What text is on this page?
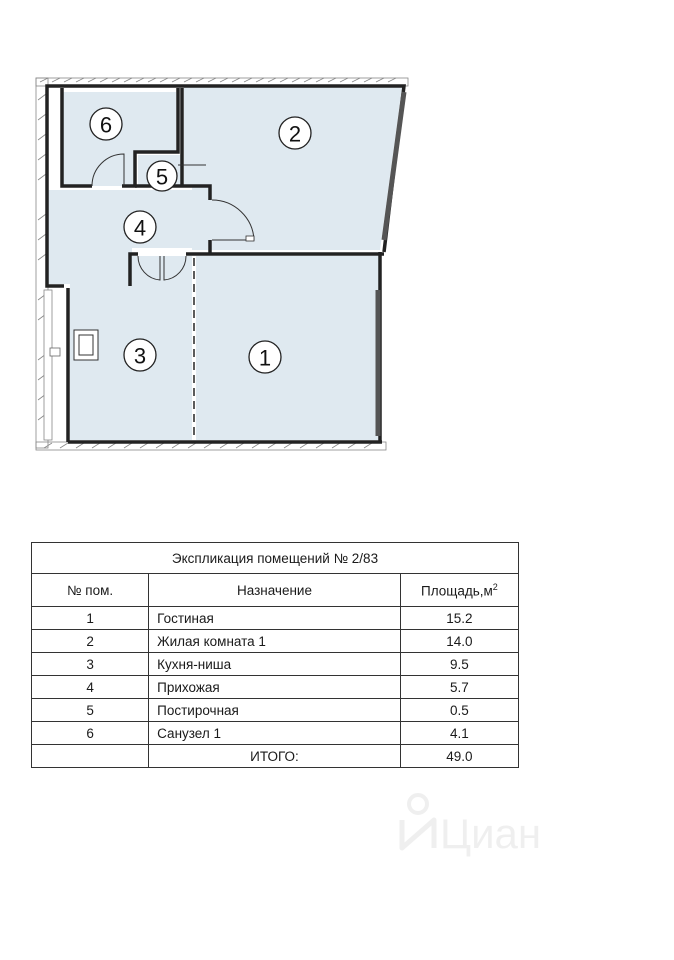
6	2
5
4
3	1
Экспликация помещений № 2/83		
№ пом.	Назначение	$Площадь,м^2$
1	Гостиная	15.2
2	Жилая комната 1	14.0
3	Кухня-ниша	9.5
4	Прихожая	5.7
5	Постирочная	0.5
6	Санузел 1	4.1
	ИТОГО:	49.0
Циан
